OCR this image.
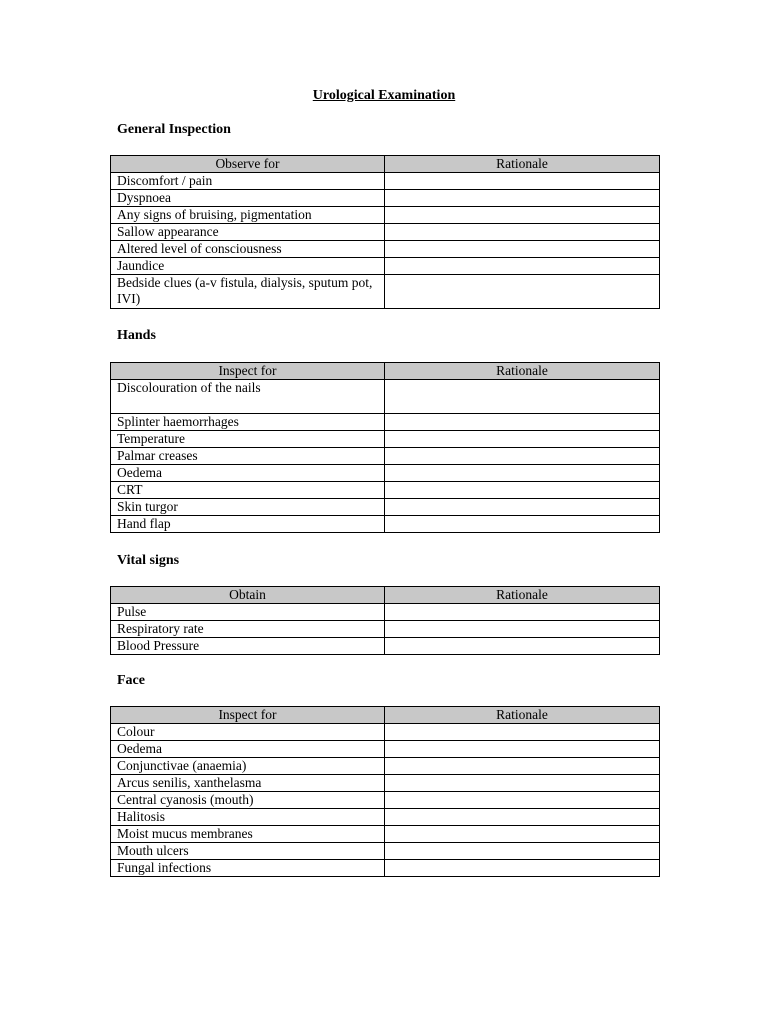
Urological Examination
General Inspection
Observe for	Rationale
Discomfort / pain	
Dyspnoea	
Any signs of bruising, pigmentation	
Sallow appearance	
Altered level of consciousness	
Jaundice	
Bedside clues (a-v fistula, dialysis, sputum pot, IVI)	
Hands
Inspect for	Rationale
Discolouration of the nails	
Splinter haemorrhages	
Temperature	
Palmar creases	
Oedema	
CRT	
Skin turgor	
Hand flap	
Vital signs
Obtain	Rationale
Pulse	
Respiratory rate	
Blood Pressure	
Face
Inspect for	Rationale
Colour	
Oedema	
Conjunctivae (anaemia)	
Arcus senilis, xanthelasma	
Central cyanosis (mouth)	
Halitosis	
Moist mucus membranes	
Mouth ulcers	
Fungal infections	
